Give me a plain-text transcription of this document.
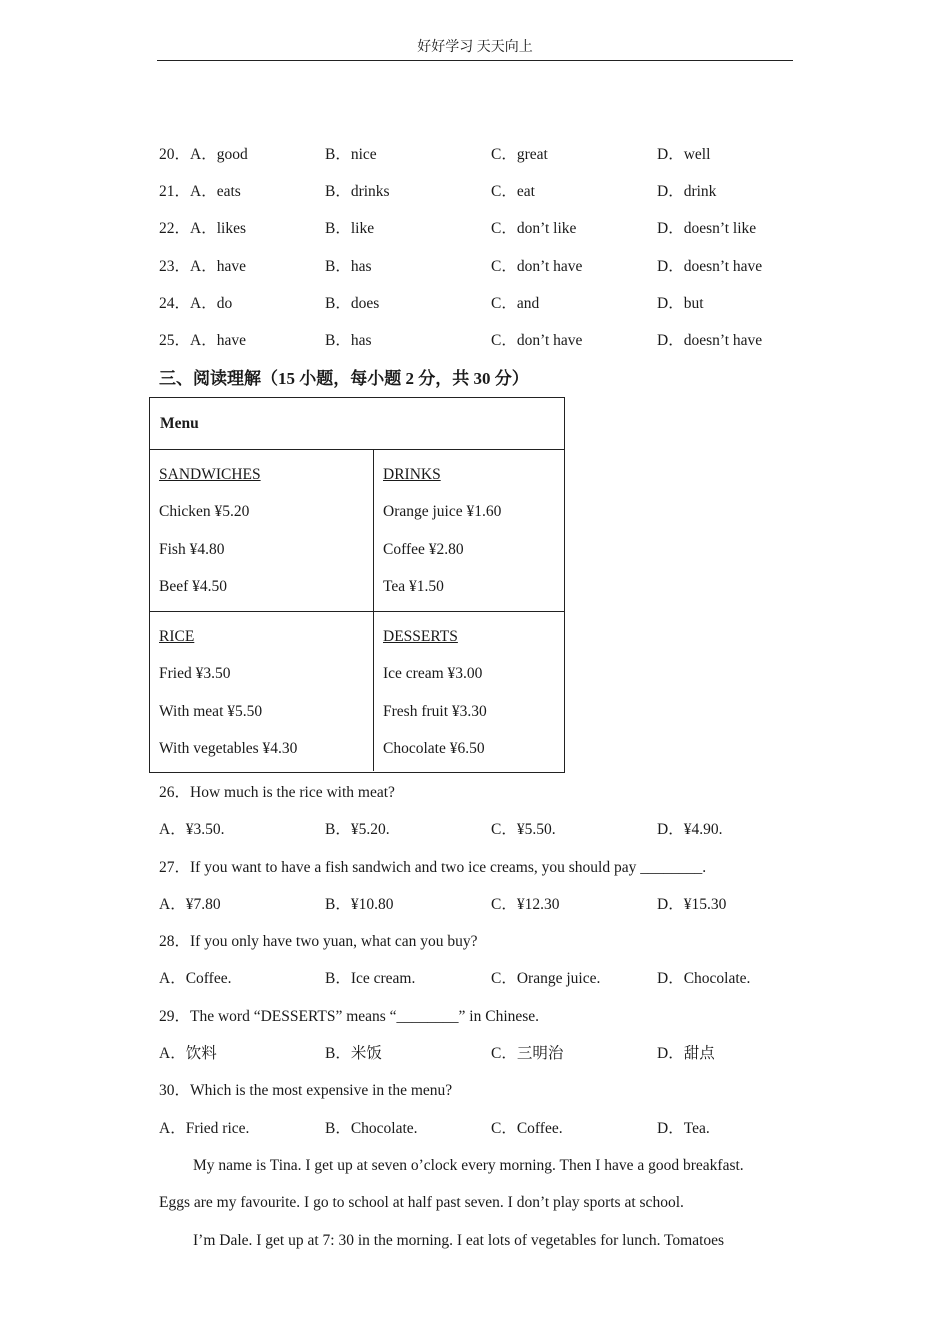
好好学习 天天向上
20．A．good	B．nice	C．great	D．well
21．A．eats	B．drinks	C．eat	D．drink
22．A．likes	B．like	C．don’t like	D．doesn’t like
23．A．have	B．has	C．don’t have	D．doesn’t have
24．A．do	B．does	C．and	D．but
25．A．have	B．has	C．don’t have	D．doesn’t have
三、阅读理解（15 小题，每小题 2 分，共 30 分）
Menu
SANDWICHES
Chicken ¥5.20
Fish ¥4.80
Beef ¥4.50
DRINKS
Orange juice ¥1.60
Coffee ¥2.80
Tea ¥1.50
RICE
Fried ¥3.50
With meat ¥5.50
With vegetables ¥4.30
DESSERTS
Ice cream ¥3.00
Fresh fruit ¥3.30
Chocolate ¥6.50
26．How much is the rice with meat?
A．¥3.50.	B．¥5.20.	C．¥5.50.	D．¥4.90.
27．If you want to have a fish sandwich and two ice creams, you should pay ________.
A．¥7.80	B．¥10.80	C．¥12.30	D．¥15.30
28．If you only have two yuan, what can you buy?
A．Coffee.	B．Ice cream.	C．Orange juice.	D．Chocolate.
29．The word “DESSERTS” means “________” in Chinese.
A．饮料	B．米饭	C．三明治	D．甜点
30．Which is the most expensive in the menu?
A．Fried rice.	B．Chocolate.	C．Coffee.	D．Tea.
My name is Tina. I get up at seven o’clock every morning. Then I have a good breakfast.
Eggs are my favourite. I go to school at half past seven. I don’t play sports at school.
I’m Dale. I get up at 7: 30 in the morning. I eat lots of vegetables for lunch. Tomatoes
